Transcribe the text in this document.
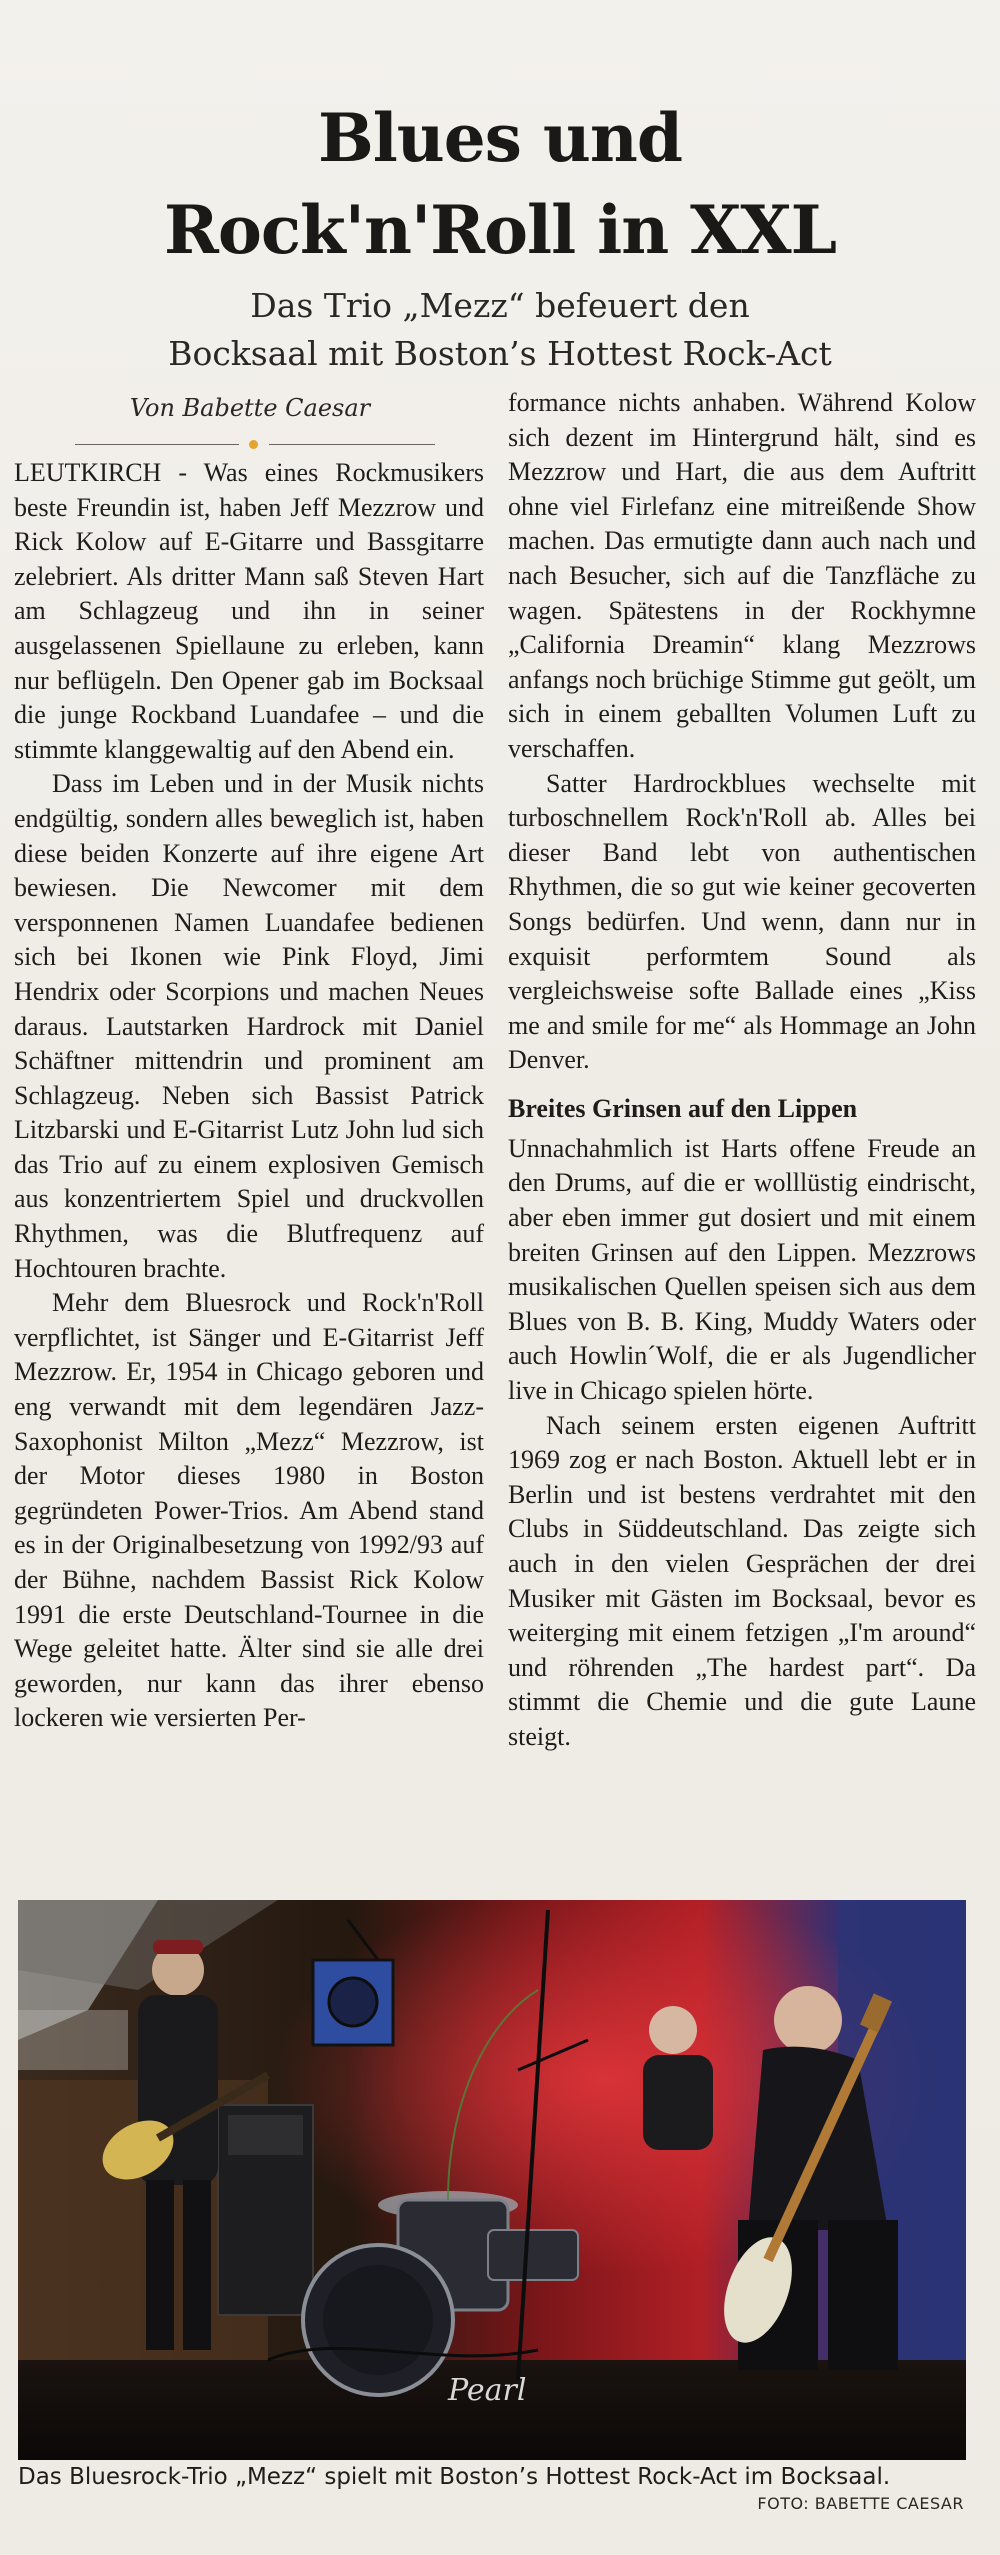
Blues und
Rock'n'Roll in XXL
Das Trio „Mezz“ befeuert den
Bocksaal mit Boston’s Hottest Rock-Act
Von Babette Caesar

LEUTKIRCH - Was eines Rockmusikers beste Freundin ist, haben Jeff Mezzrow und Rick Kolow auf E-Gitarre und Bassgitarre zelebriert. Als dritter Mann saß Steven Hart am Schlagzeug und ihn in seiner ausgelassenen Spiellaune zu erleben, kann nur beflügeln. Den Opener gab im Bocksaal die junge Rockband Luandafee – und die stimmte klanggewaltig auf den Abend ein.

Dass im Leben und in der Musik nichts endgültig, sondern alles beweglich ist, haben diese beiden Konzerte auf ihre eigene Art bewiesen. Die Newcomer mit dem versponnenen Namen Luandafee bedienen sich bei Ikonen wie Pink Floyd, Jimi Hendrix oder Scorpions und machen Neues daraus. Lautstarken Hardrock mit Daniel Schäftner mittendrin und prominent am Schlagzeug. Neben sich Bassist Patrick Litzbarski und E-Gitarrist Lutz John lud sich das Trio auf zu einem explosiven Gemisch aus konzentriertem Spiel und druckvollen Rhythmen, was die Blutfrequenz auf Hochtouren brachte.

Mehr dem Bluesrock und Rock'n'Roll verpflichtet, ist Sänger und E-Gitarrist Jeff Mezzrow. Er, 1954 in Chicago geboren und eng verwandt mit dem legendären Jazz-Saxophonist Milton „Mezz“ Mezzrow, ist der Motor dieses 1980 in Boston gegründeten Power-Trios. Am Abend stand es in der Originalbesetzung von 1992/93 auf der Bühne, nachdem Bassist Rick Kolow 1991 die erste Deutschland-Tournee in die Wege geleitet hatte. Älter sind sie alle drei geworden, nur kann das ihrer ebenso lockeren wie versierten Per-

formance nichts anhaben. Während Kolow sich dezent im Hintergrund hält, sind es Mezzrow und Hart, die aus dem Auftritt ohne viel Firlefanz eine mitreißende Show machen. Das ermutigte dann auch nach und nach Besucher, sich auf die Tanzfläche zu wagen. Spätestens in der Rockhymne „California Dreamin“ klang Mezzrows anfangs noch brüchige Stimme gut geölt, um sich in einem geballten Volumen Luft zu verschaffen.

Satter Hardrockblues wechselte mit turboschnellem Rock'n'Roll ab. Alles bei dieser Band lebt von authentischen Rhythmen, die so gut wie keiner gecoverten Songs bedürfen. Und wenn, dann nur in exquisit performtem Sound als vergleichsweise softe Ballade eines „Kiss me and smile for me“ als Hommage an John Denver.

Breites Grinsen auf den Lippen

Unnachahmlich ist Harts offene Freude an den Drums, auf die er wolllüstig eindrischt, aber eben immer gut dosiert und mit einem breiten Grinsen auf den Lippen. Mezzrows musikalischen Quellen speisen sich aus dem Blues von B. B. King, Muddy Waters oder auch Howlin´Wolf, die er als Jugendlicher live in Chicago spielen hörte.

Nach seinem ersten eigenen Auftritt 1969 zog er nach Boston. Aktuell lebt er in Berlin und ist bestens verdrahtet mit den Clubs in Süddeutschland. Das zeigte sich auch in den vielen Gesprächen der drei Musiker mit Gästen im Bocksaal, bevor es weiterging mit einem fetzigen „I'm around“ und röhrenden „The hardest part“. Da stimmt die Chemie und die gute Laune steigt.

Pearl
Das Bluesrock-Trio „Mezz“ spielt mit Boston’s Hottest Rock-Act im Bocksaal.
FOTO: BABETTE CAESAR
